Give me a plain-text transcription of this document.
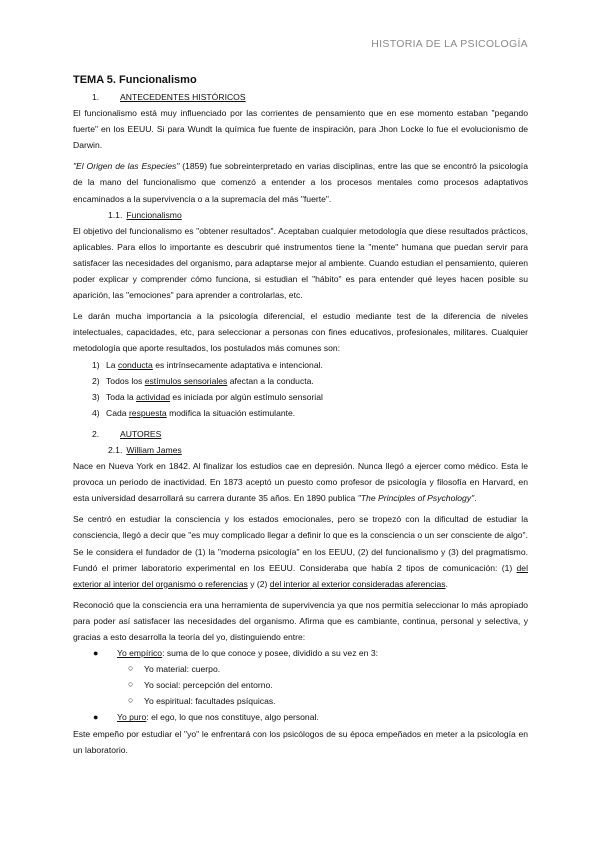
HISTORIA DE LA PSICOLOGÍA
TEMA 5. Funcionalismo
1.	ANTECEDENTES HISTÓRICOS

El funcionalismo está muy influenciado por las corrientes de pensamiento que en ese momento estaban "pegando fuerte" en los EEUU. Si para Wundt la química fue fuente de inspiración, para Jhon Locke lo fue el evolucionismo de Darwin.

"El Origen de las Especies" (1859) fue sobreinterpretado en varias disciplinas, entre las que se encontró la psicología de la mano del funcionalismo que comenzó a entender a los procesos mentales como procesos adaptativos encaminados a la supervivencia o a la supremacía del más "fuerte".

1.1. Funcionalismo

El objetivo del funcionalismo es "obtener resultados". Aceptaban cualquier metodología que diese resultados prácticos, aplicables. Para ellos lo importante es descubrir qué instrumentos tiene la "mente" humana que puedan servir para satisfacer las necesidades del organismo, para adaptarse mejor al ambiente. Cuando estudian el pensamiento, quieren poder explicar y comprender cómo funciona, si estudian el "hábito" es para entender qué leyes hacen posible su aparición, las "emociones" para aprender a controlarlas, etc.

Le darán mucha importancia a la psicología diferencial, el estudio mediante test de la diferencia de niveles intelectuales, capacidades, etc, para seleccionar a personas con fines educativos, profesionales, militares. Cualquier metodología que aporte resultados, los postulados más comunes son:

1) La conducta es intrínsecamente adaptativa e intencional.
2) Todos los estímulos sensoriales afectan a la conducta.
3) Toda la actividad es iniciada por algún estímulo sensorial
4) Cada respuesta modifica la situación estimulante.
2.	AUTORES
2.1. William James

Nace en Nueva York en 1842. Al finalizar los estudios cae en depresión. Nunca llegó a ejercer como médico. Esta le provoca un periodo de inactividad. En 1873 aceptó un puesto como profesor de psicología y filosofía en Harvard, en esta universidad desarrollará su carrera durante 35 años. En 1890 publica "The Principles of Psychology".

Se centró en estudiar la consciencia y los estados emocionales, pero se tropezó con la dificultad de estudiar la consciencia, llegó a decir que "es muy complicado llegar a definir lo que es la consciencia o un ser consciente de algo". Se le considera el fundador de (1) la "moderna psicología" en los EEUU, (2) del funcionalismo y (3) del pragmatismo. Fundó el primer laboratorio experimental en los EEUU. Consideraba que había 2 tipos de comunicación: (1) del exterior al interior del organismo o referencias y (2) del interior al exterior consideradas aferencias.

Reconoció que la consciencia era una herramienta de supervivencia ya que nos permitía seleccionar lo más apropiado para poder así satisfacer las necesidades del organismo. Afirma que es cambiante, continua, personal y selectiva, y gracias a esto desarrolla la teoría del yo, distinguiendo entre:

● Yo empírico: suma de lo que conoce y posee, dividido a su vez en 3:
○ Yo material: cuerpo.
○ Yo social: percepción del entorno.
○ Yo espiritual: facultades psíquicas.
● Yo puro: el ego, lo que nos constituye, algo personal.

Este empeño por estudiar el "yo" le enfrentará con los psicólogos de su época empeñados en meter a la psicología en un laboratorio.
